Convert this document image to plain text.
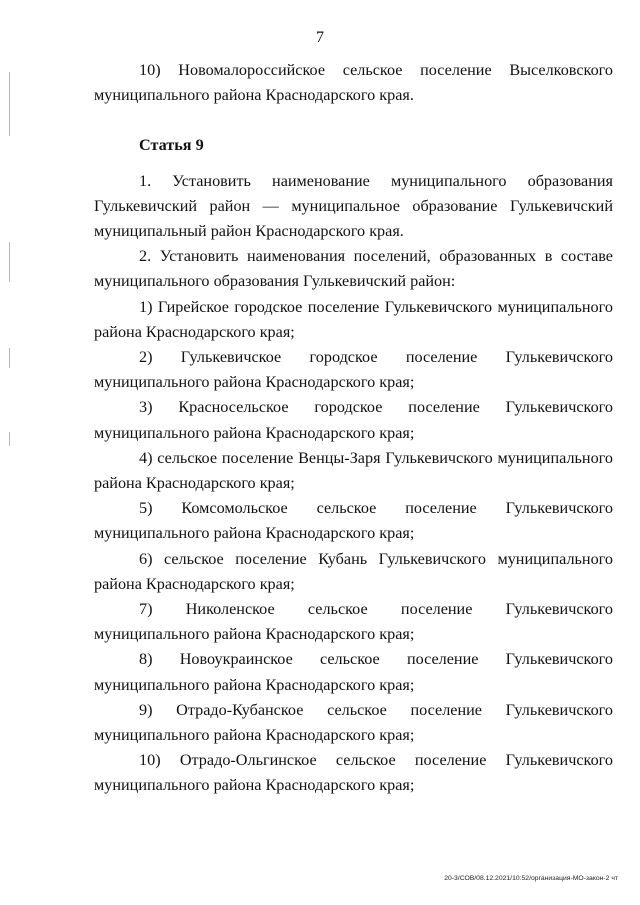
7

10) Новомалороссийское сельское поселение Выселковского муниципального района Краснодарского края.

Статья 9

1. Установить наименование муниципального образования Гулькевичский район — муниципальное образование Гулькевичский муниципальный район Краснодарского края.

2. Установить наименования поселений, образованных в составе муниципального образования Гулькевичский район:

1) Гирейское городское поселение Гулькевичского муниципального района Краснодарского края;

2) Гулькевичское городское поселение Гулькевичского муниципального района Краснодарского края;

3) Красносельское городское поселение Гулькевичского муниципального района Краснодарского края;

4) сельское поселение Венцы-Заря Гулькевичского муниципального района Краснодарского края;

5) Комсомольское сельское поселение Гулькевичского муниципального района Краснодарского края;

6) сельское поселение Кубань Гулькевичского муниципального района Краснодарского края;

7) Николенское сельское поселение Гулькевичского муниципального района Краснодарского края;

8) Новоукраинское сельское поселение Гулькевичского муниципального района Краснодарского края;

9) Отрадо-Кубанское сельское поселение Гулькевичского муниципального района Краснодарского края;

10) Отрадо-Ольгинское сельское поселение Гулькевичского муниципального района Краснодарского края;

20-3/СОВ/08.12.2021/10:52/организация-МО-закон-2 чт
